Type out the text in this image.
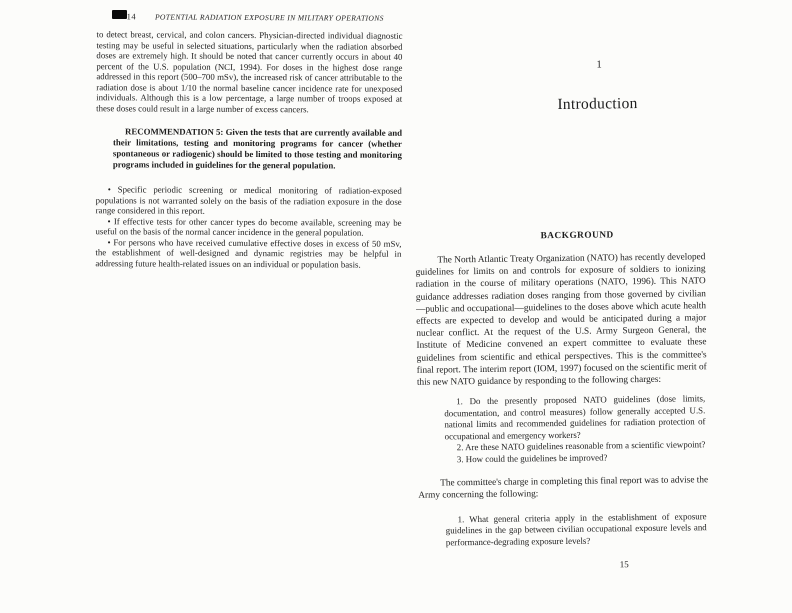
14	POTENTIAL RADIATION EXPOSURE IN MILITARY OPERATIONS

to detect breast, cervical, and colon cancers. Physician-directed individual diagnostic testing may be useful in selected situations, particularly when the radiation absorbed doses are extremely high. It should be noted that cancer currently occurs in about 40 percent of the U.S. population (NCI, 1994). For doses in the highest dose range addressed in this report (500–700 mSv), the increased risk of cancer attributable to the radiation dose is about 1/10 the normal baseline cancer incidence rate for unexposed individuals. Although this is a low percentage, a large number of troops exposed at these doses could result in a large number of excess cancers.

RECOMMENDATION 5: Given the tests that are currently available and their limitations, testing and monitoring programs for cancer (whether spontaneous or radiogenic) should be limited to those testing and monitoring programs included in guidelines for the general population.

• Specific periodic screening or medical monitoring of radiation-exposed populations is not warranted solely on the basis of the radiation exposure in the dose range considered in this report.

• If effective tests for other cancer types do become available, screening may be useful on the basis of the normal cancer incidence in the general population.

• For persons who have received cumulative effective doses in excess of 50 mSv, the establishment of well-designed and dynamic registries may be helpful in addressing future health-related issues on an individual or population basis.

1
Introduction
BACKGROUND

The North Atlantic Treaty Organization (NATO) has recently developed guidelines for limits on and controls for exposure of soldiers to ionizing radiation in the course of military operations (NATO, 1996). This NATO guidance addresses radiation doses ranging from those governed by civilian—public and occupational—guidelines to the doses above which acute health effects are expected to develop and would be anticipated during a major nuclear conflict. At the request of the U.S. Army Surgeon General, the Institute of Medicine convened an expert committee to evaluate these guidelines from scientific and ethical perspectives. This is the committee's final report. The interim report (IOM, 1997) focused on the scientific merit of this new NATO guidance by responding to the following charges:

1. Do the presently proposed NATO guidelines (dose limits, documentation, and control measures) follow generally accepted U.S. national limits and recommended guidelines for radiation protection of occupational and emergency workers?

2. Are these NATO guidelines reasonable from a scientific viewpoint?

3. How could the guidelines be improved?

The committee's charge in completing this final report was to advise the Army concerning the following:

1. What general criteria apply in the establishment of exposure guidelines in the gap between civilian occupational exposure levels and performance-degrading exposure levels?

15
